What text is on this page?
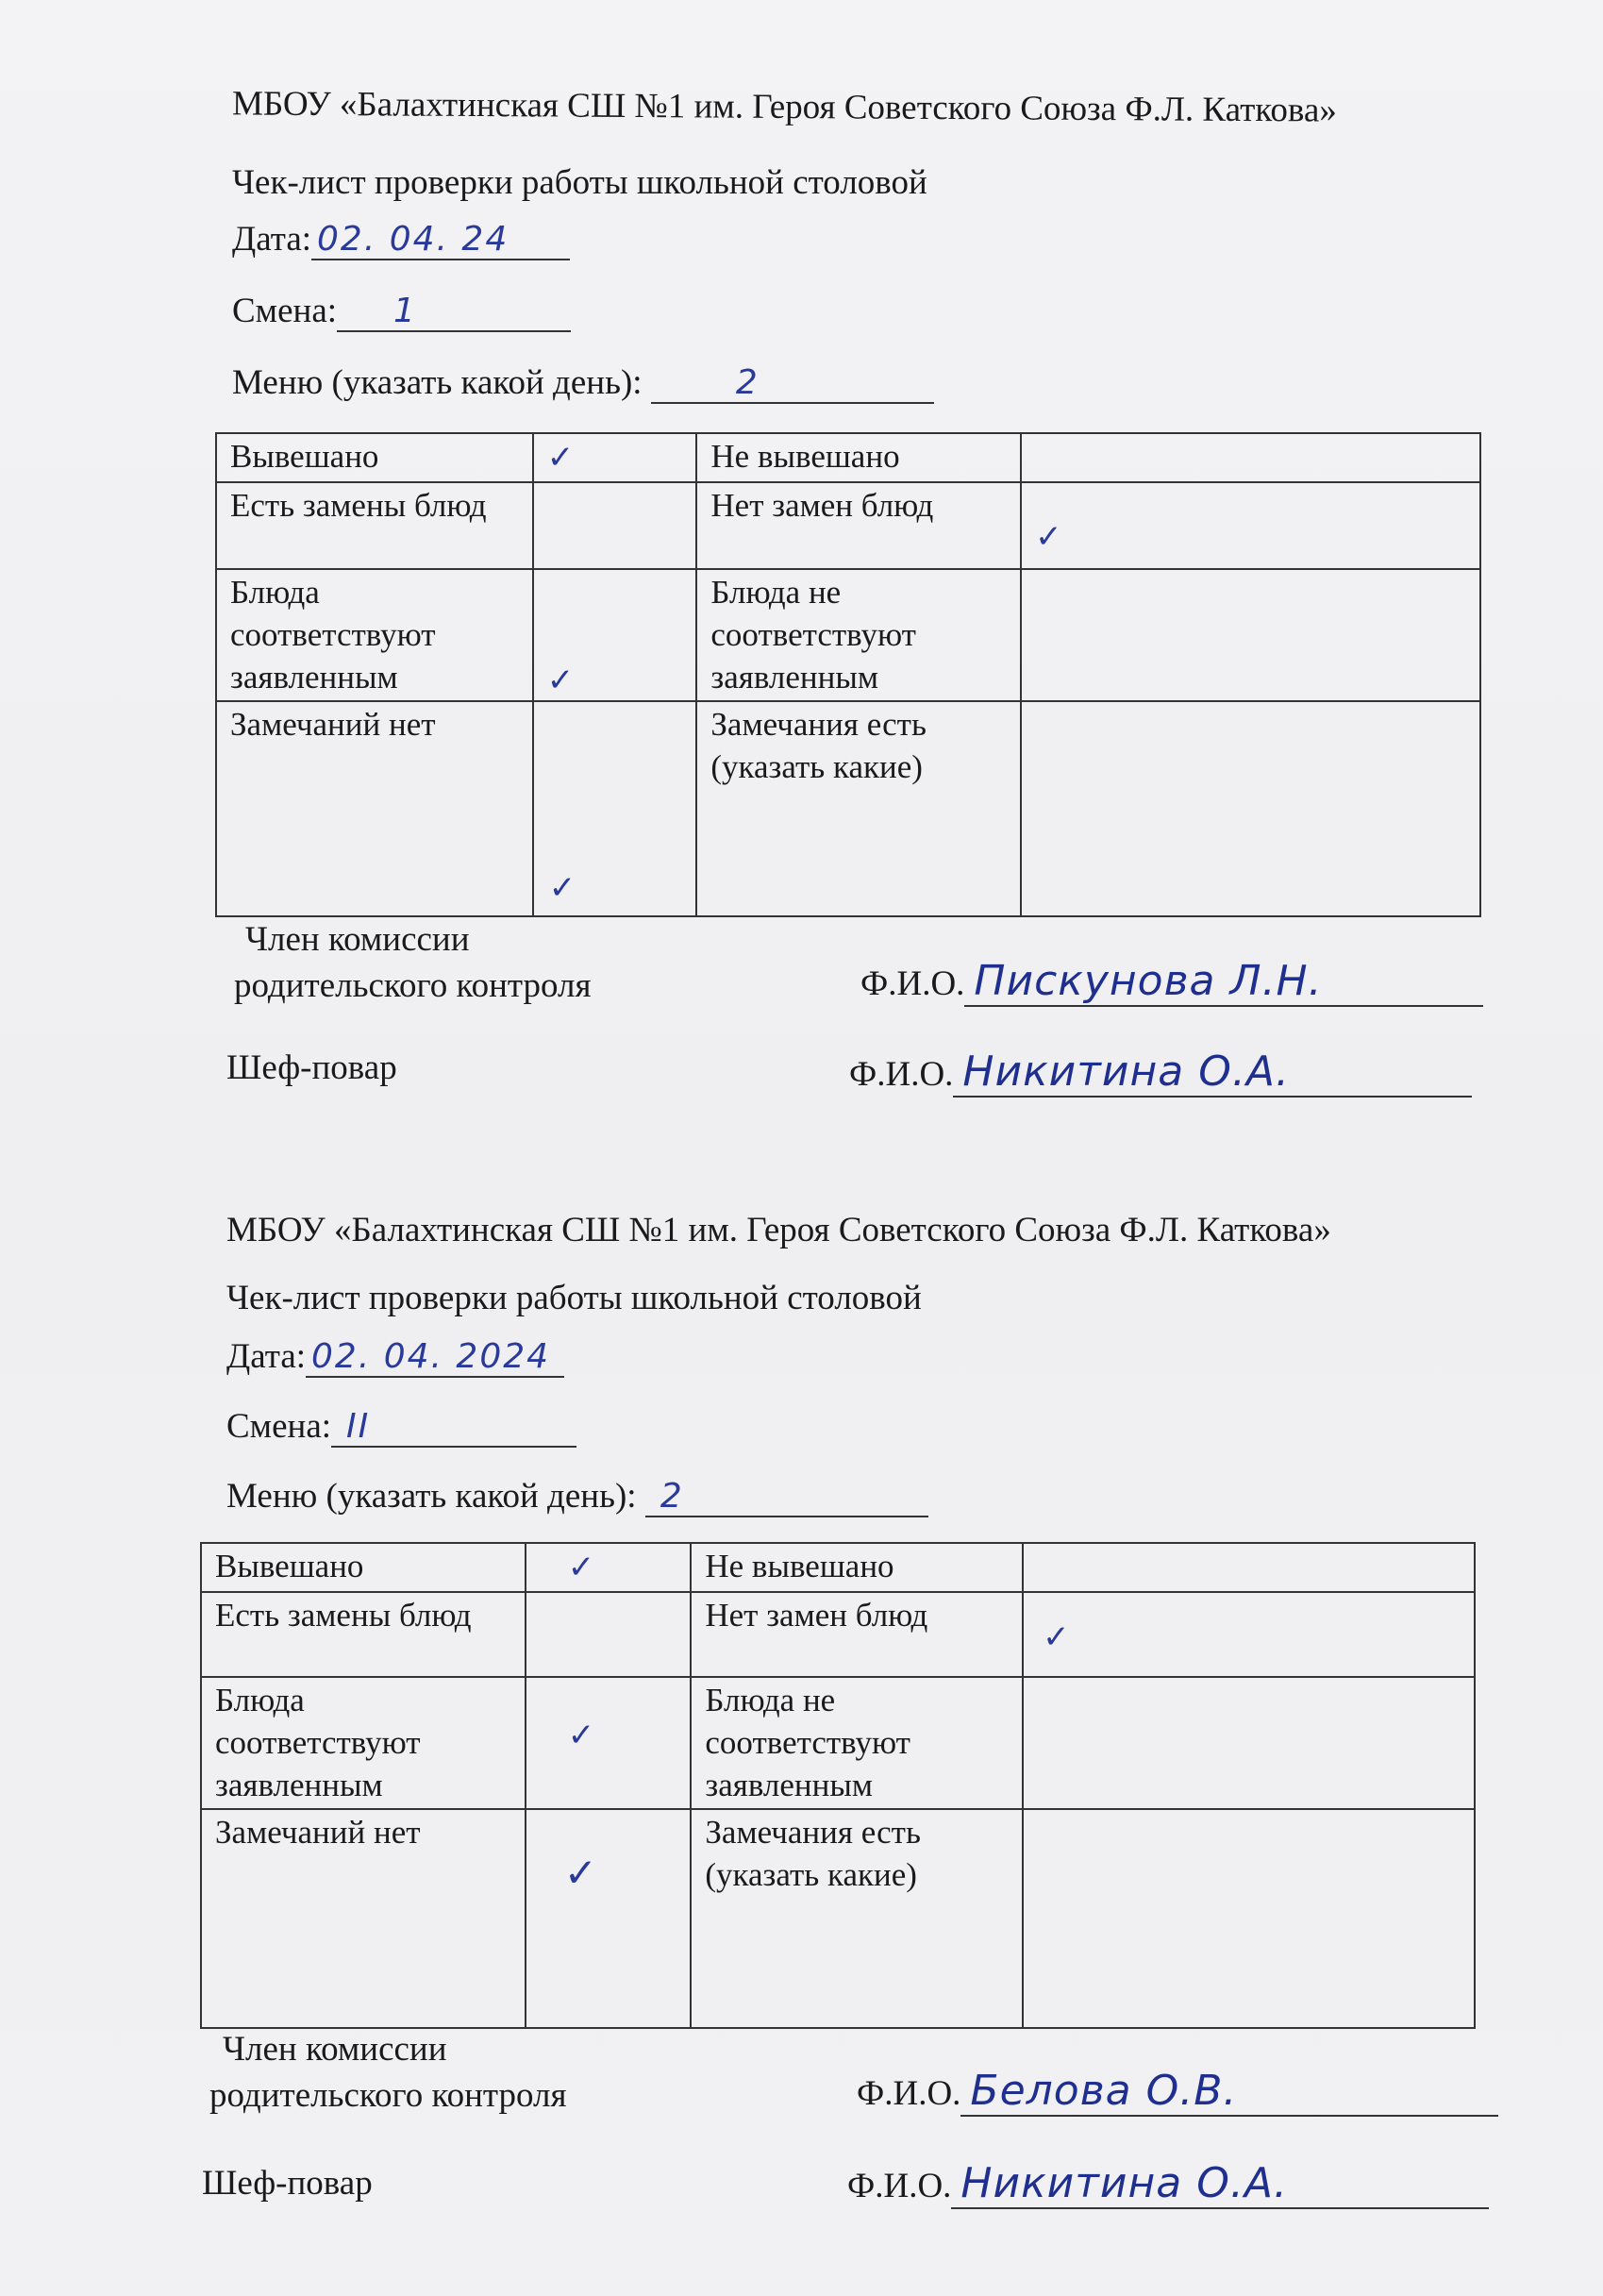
МБОУ «Балахтинская СШ №1 им. Героя Советского Союза Ф.Л. Каткова»
Чек-лист проверки работы школьной столовой
Дата: 02. 04. 24
Смена: 1
Меню (указать какой день):	2
Вывешано	✓	Не вывешано	

Есть замены блюд		Нет замен блюд	✓

Блюда соответствуют заявленным	✓	Блюда не соответствуют заявленным	

Замечаний нет	✓	Замечания есть (указать какие)	
Член комиссии
родительского контроля	Ф.И.О. Пискунова Л.Н.
Шеф-повар	Ф.И.О. Никитина О.А.
МБОУ «Балахтинская СШ №1 им. Героя Советского Союза Ф.Л. Каткова»
Чек-лист проверки работы школьной столовой
Дата: 02. 04. 2024
Смена: II
Меню (указать какой день): 2
Вывешано	✓	Не вывешано	

Есть замены блюд		Нет замен блюд	✓

Блюда соответствуют заявленным	✓	Блюда не соответствуют заявленным	

Замечаний нет	✓	Замечания есть (указать какие)	
Член комиссии
родительского контроля	Ф.И.О. Белова О.В.
Шеф-повар	Ф.И.О. Никитина О.А.
